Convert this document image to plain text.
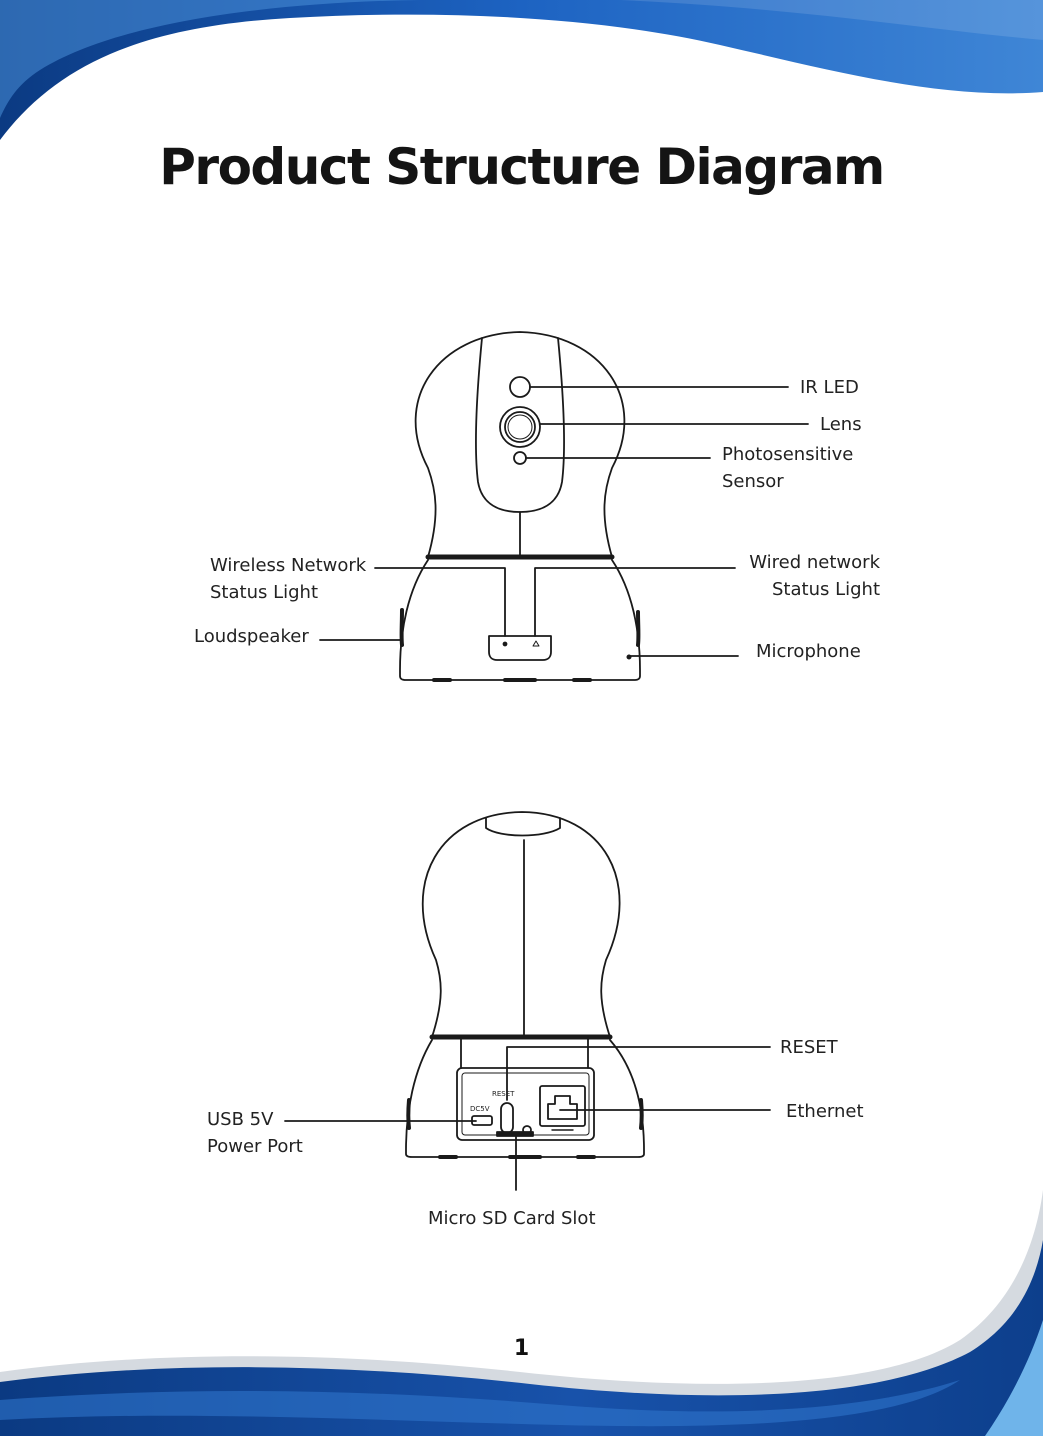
Product Structure Diagram
RESET
DC5V
IR LED
Lens
Photosensitive
Sensor
Wireless Network
Status Light
Wired network
Status Light
Loudspeaker
Microphone
RESET
Ethernet
USB 5V
Power Port
Micro SD Card Slot
1
